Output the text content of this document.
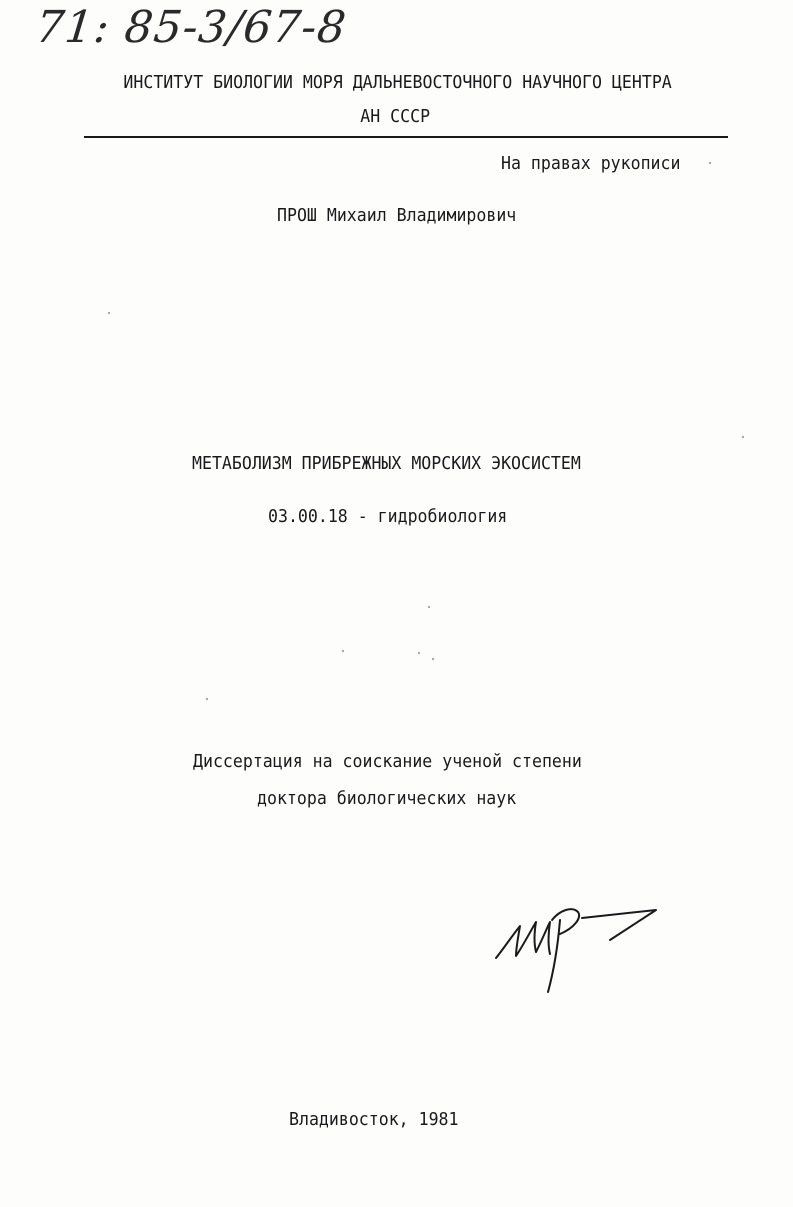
71: 85-3/67-8
ИНСТИТУТ БИОЛОГИИ МОРЯ ДАЛЬНЕВОСТОЧНОГО НАУЧНОГО ЦЕНТРА
АН СССР
На правах рукописи
ПРОШ Михаил Владимирович
МЕТАБОЛИЗМ ПРИБРЕЖНЫХ МОРСКИХ ЭКОСИСТЕМ
03.00.18 - гидробиология
Диссертация на соискание ученой степени
доктора биологических наук
Владивосток, 1981
